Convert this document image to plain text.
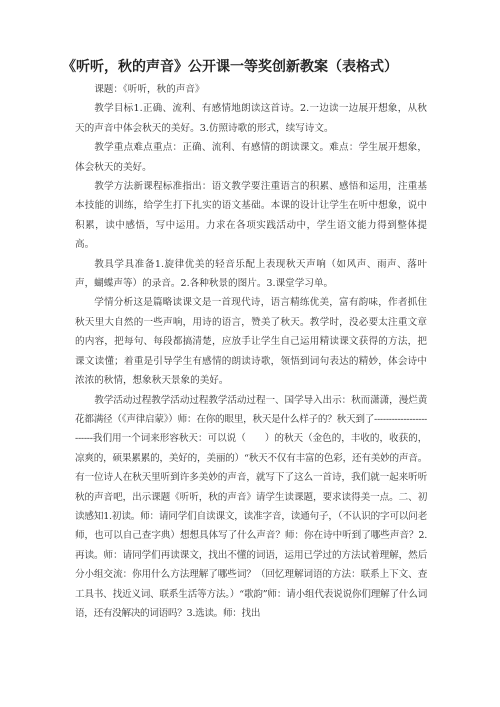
《听听，秋的声音》公开课一等奖创新教案（表格式）

课题：《听听，秋的声音》

教学目标1.正确、流利、有感情地朗读这首诗。2.一边读一边展开想象，从秋天的声音中体会秋天的美好。3.仿照诗歌的形式，续写诗文。

教学重点难点重点：正确、流利、有感情的朗读课文。难点：学生展开想象，体会秋天的美好。

教学方法新课程标准指出：语文教学要注重语言的积累、感悟和运用，注重基本技能的训练，给学生打下扎实的语文基础。本课的设计让学生在听中想象，说中积累，读中感悟，写中运用。力求在各项实践活动中，学生语文能力得到整体提高。

教具学具准备1.旋律优美的轻音乐配上表现秋天声响（如风声、雨声、落叶声，蝴蝶声等）的录音。2.各种秋景的图片。3.课堂学习单。

学情分析这是篇略读课文是一首现代诗，语言精练优美，富有韵味，作者抓住秋天里大自然的一些声响，用诗的语言，赞美了秋天。教学时，没必要太注重文章的内容，把每句、每段都搞清楚，应放手让学生自己运用精读课文获得的方法，把课文读懂；着重是引导学生有感情的朗读诗歌，领悟到词句表达的精妙，体会诗中浓浓的秋情，想象秋天景象的美好。

教学活动过程教学活动过程教学活动过程一、国学导入出示：秋而潇潇，漫烂黄花都满径（《声律启蒙》）师：在你的眼里，秋天是什么样子的？秋天到了------------------------我们用一个词来形容秋天：可以说（　　）的秋天（金色的，丰收的，收获的，凉爽的，硕果累累的，美好的，美丽的）“秋天不仅有丰富的色彩，还有美妙的声音。有一位诗人在秋天里听到许多美妙的声音，就写下了这么一首诗，我们就一起来听听秋的声音吧，出示课题《听听，秋的声音》请学生读课题，要求读得美一点。二、初读感知1.初读。师：请同学们自读课文，读准字音，读通句子，（不认识的字可以问老师，也可以自己查字典）想想具体写了什么声音？师：你在诗中听到了哪些声音？2.再读。师：请同学们再读课文，找出不懂的词语，运用已学过的方法试着理解，然后分小组交流：你用什么方法理解了哪些词？（回忆理解词语的方法：联系上下文、查工具书、找近义词、联系生活等方法。）“歌韵”师：请小组代表说说你们理解了什么词语，还有没解决的词语吗？3.选读。师：找出
